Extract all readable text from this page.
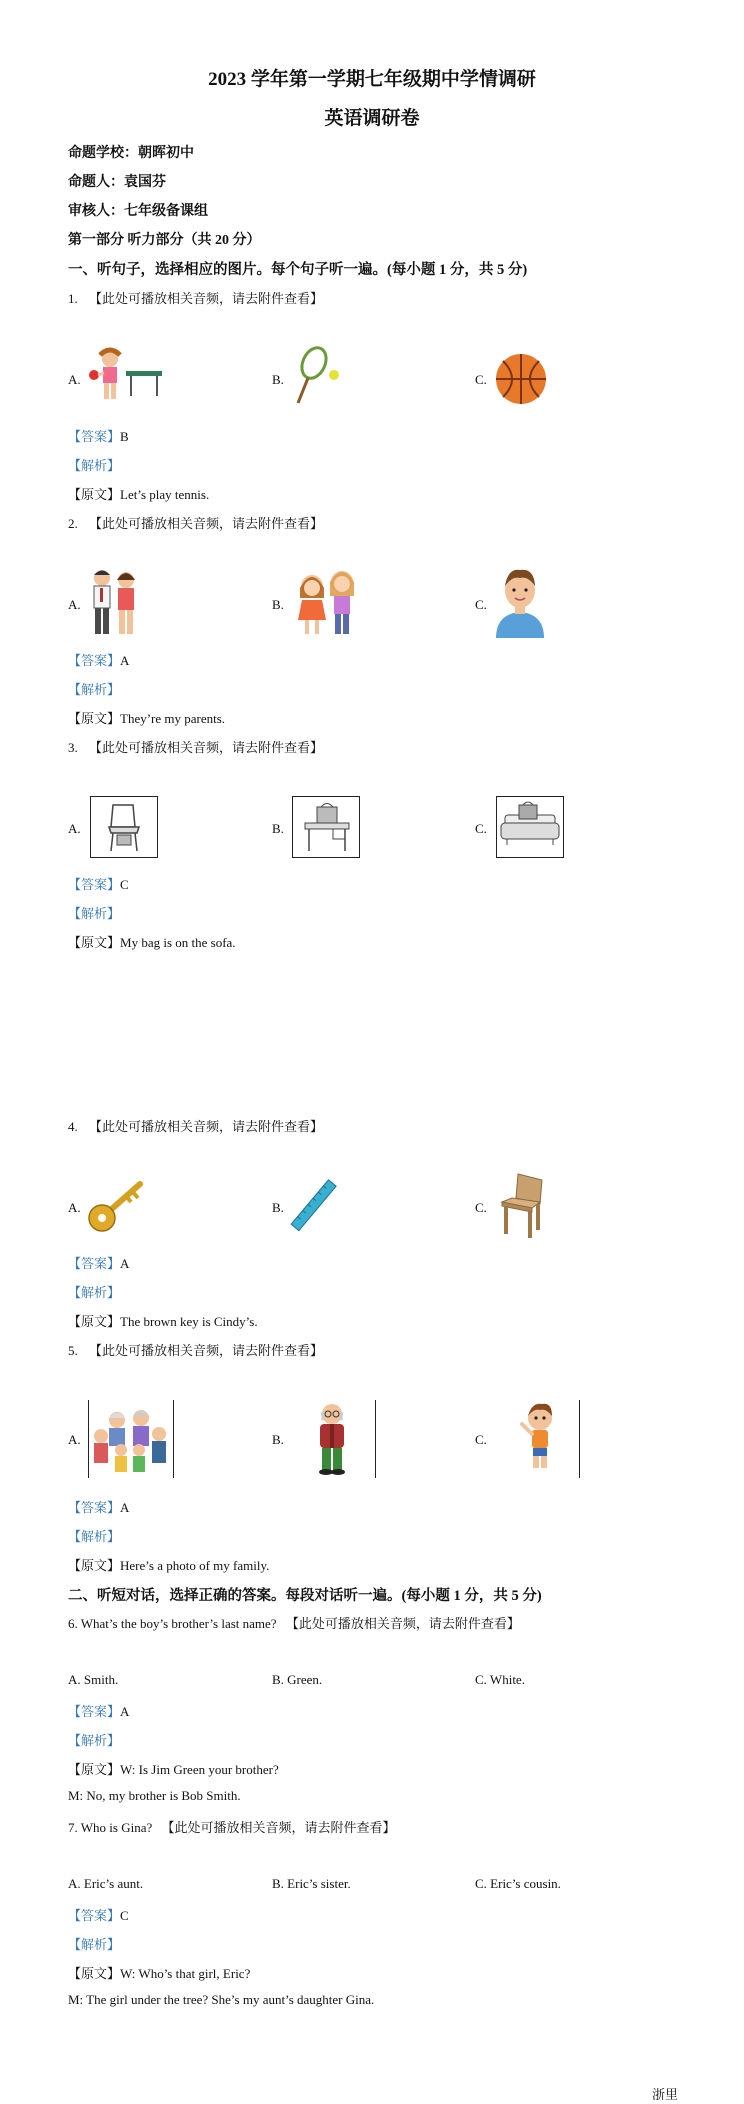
2023 学年第一学期七年级期中学情调研
英语调研卷
命题学校：朝晖初中
命题人：袁国芬
审核人：七年级备课组
第一部分 听力部分（共 20 分）
一、听句子，选择相应的图片。每个句子听一遍。(每小题 1 分，共 5 分)
1. 【此处可播放相关音频，请去附件查看】
A.	B.	C.
【答案】B
【解析】
【原文】Let’s play tennis.
2. 【此处可播放相关音频，请去附件查看】
A.	B.	C.
【答案】A
【解析】
【原文】They’re my parents.
3. 【此处可播放相关音频，请去附件查看】
A.	B.	C.
【答案】C
【解析】
【原文】My bag is on the sofa.
4. 【此处可播放相关音频，请去附件查看】
A.	B.	C.
【答案】A
【解析】
【原文】The brown key is Cindy’s.
5. 【此处可播放相关音频，请去附件查看】
A.	B.	C.
【答案】A
【解析】
【原文】Here’s a photo of my family.
二、听短对话，选择正确的答案。每段对话听一遍。(每小题 1 分，共 5 分)
6. What’s the boy’s brother’s last name? 【此处可播放相关音频，请去附件查看】
A. Smith.	B. Green.	C. White.
【答案】A
【解析】
【原文】W: Is Jim Green your brother?
M: No, my brother is Bob Smith.
7. Who is Gina? 【此处可播放相关音频，请去附件查看】
A. Eric’s aunt.	B. Eric’s sister.	C. Eric’s cousin.
【答案】C
【解析】
【原文】W: Who’s that girl, Eric?
M: The girl under the tree? She’s my aunt’s daughter Gina.
浙里
